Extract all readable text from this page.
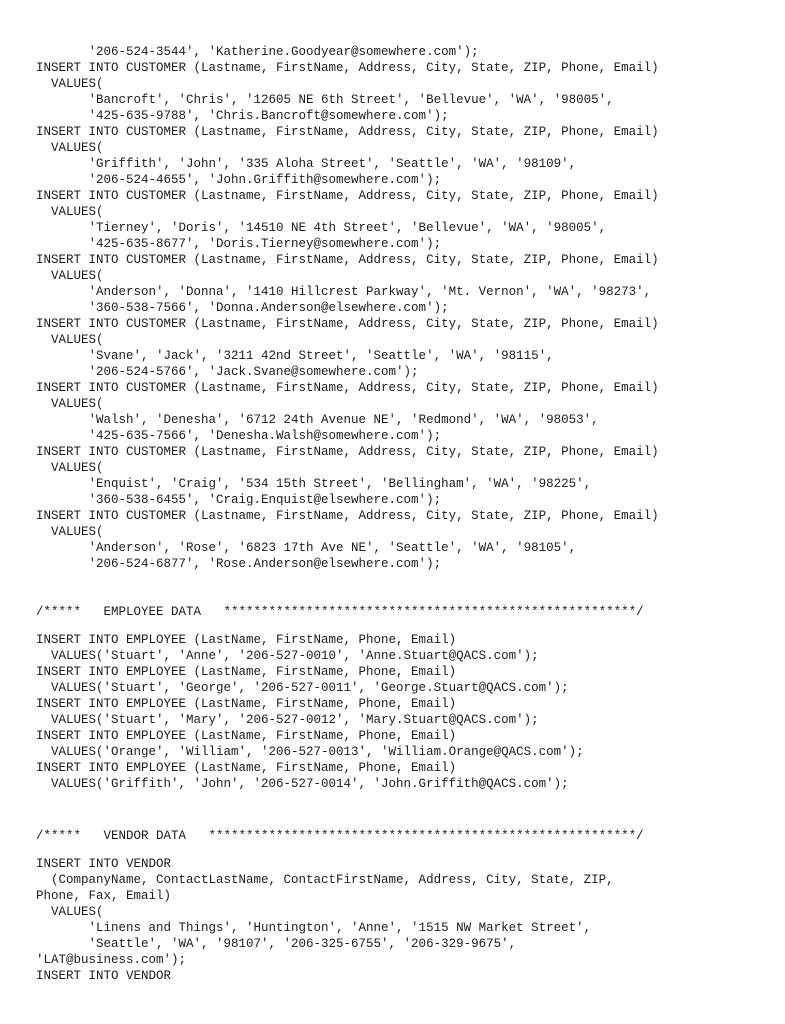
'206-524-3544', 'Katherine.Goodyear@somewhere.com');
INSERT INTO CUSTOMER (Lastname, FirstName, Address, City, State, ZIP, Phone, Email)
VALUES(
'Bancroft', 'Chris', '12605 NE 6th Street', 'Bellevue', 'WA', '98005',
'425-635-9788', 'Chris.Bancroft@somewhere.com');
INSERT INTO CUSTOMER (Lastname, FirstName, Address, City, State, ZIP, Phone, Email)
VALUES(
'Griffith', 'John', '335 Aloha Street', 'Seattle', 'WA', '98109',
'206-524-4655', 'John.Griffith@somewhere.com');
INSERT INTO CUSTOMER (Lastname, FirstName, Address, City, State, ZIP, Phone, Email)
VALUES(
'Tierney', 'Doris', '14510 NE 4th Street', 'Bellevue', 'WA', '98005',
'425-635-8677', 'Doris.Tierney@somewhere.com');
INSERT INTO CUSTOMER (Lastname, FirstName, Address, City, State, ZIP, Phone, Email)
VALUES(
'Anderson', 'Donna', '1410 Hillcrest Parkway', 'Mt. Vernon', 'WA', '98273',
'360-538-7566', 'Donna.Anderson@elsewhere.com');
INSERT INTO CUSTOMER (Lastname, FirstName, Address, City, State, ZIP, Phone, Email)
VALUES(
'Svane', 'Jack', '3211 42nd Street', 'Seattle', 'WA', '98115',
'206-524-5766', 'Jack.Svane@somewhere.com');
INSERT INTO CUSTOMER (Lastname, FirstName, Address, City, State, ZIP, Phone, Email)
VALUES(
'Walsh', 'Denesha', '6712 24th Avenue NE', 'Redmond', 'WA', '98053',
'425-635-7566', 'Denesha.Walsh@somewhere.com');
INSERT INTO CUSTOMER (Lastname, FirstName, Address, City, State, ZIP, Phone, Email)
VALUES(
'Enquist', 'Craig', '534 15th Street', 'Bellingham', 'WA', '98225',
'360-538-6455', 'Craig.Enquist@elsewhere.com');
INSERT INTO CUSTOMER (Lastname, FirstName, Address, City, State, ZIP, Phone, Email)
VALUES(
'Anderson', 'Rose', '6823 17th Ave NE', 'Seattle', 'WA', '98105',
'206-524-6877', 'Rose.Anderson@elsewhere.com');
/*****   EMPLOYEE DATA   *******************************************************/
INSERT INTO EMPLOYEE (LastName, FirstName, Phone, Email)
VALUES('Stuart', 'Anne', '206-527-0010', 'Anne.Stuart@QACS.com');
INSERT INTO EMPLOYEE (LastName, FirstName, Phone, Email)
VALUES('Stuart', 'George', '206-527-0011', 'George.Stuart@QACS.com');
INSERT INTO EMPLOYEE (LastName, FirstName, Phone, Email)
VALUES('Stuart', 'Mary', '206-527-0012', 'Mary.Stuart@QACS.com');
INSERT INTO EMPLOYEE (LastName, FirstName, Phone, Email)
VALUES('Orange', 'William', '206-527-0013', 'William.Orange@QACS.com');
INSERT INTO EMPLOYEE (LastName, FirstName, Phone, Email)
VALUES('Griffith', 'John', '206-527-0014', 'John.Griffith@QACS.com');
/*****   VENDOR DATA   *********************************************************/
INSERT INTO VENDOR
(CompanyName, ContactLastName, ContactFirstName, Address, City, State, ZIP,
Phone, Fax, Email)
VALUES(
'Linens and Things', 'Huntington', 'Anne', '1515 NW Market Street',
'Seattle', 'WA', '98107', '206-325-6755', '206-329-9675',
'LAT@business.com');
INSERT INTO VENDOR
